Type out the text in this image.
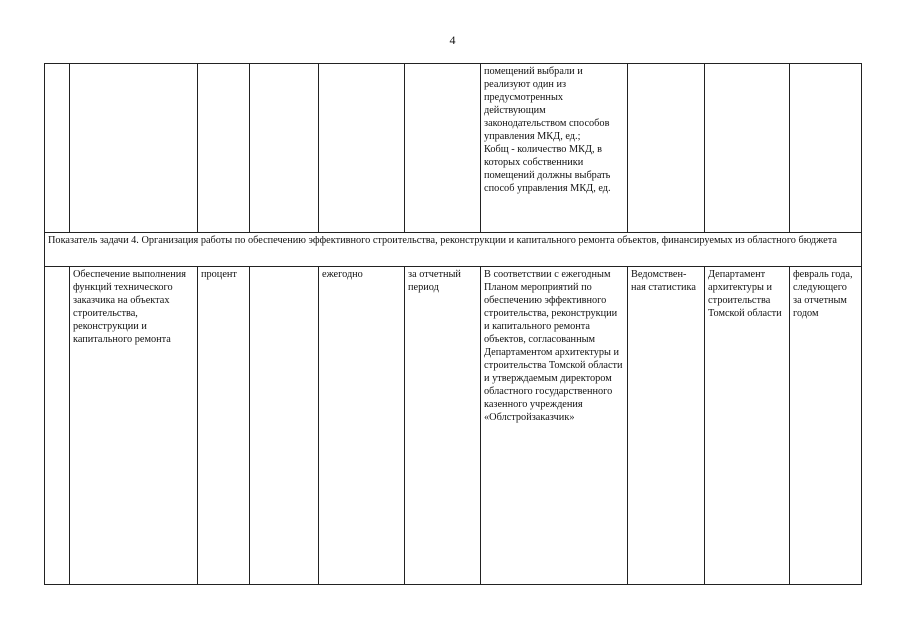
4
						помещений выбрали и реализуют один из предусмотренных действующим законодательством способов управления МКД, ед.;
Кобщ - количество МКД, в которых собственники помещений должны выбрать способ управления МКД, ед.			
Показатель задачи 4. Организация работы по обеспечению эффективного строительства, реконструкции и капитального ремонта объектов, финансируемых из областного бюджета									
	Обеспечение выполнения функций технического заказчика на объектах строительства, реконструкции и капитального ремонта	процент		ежегодно	за отчетный период	В соответствии с ежегодным Планом мероприятий по обеспечению эффективного строительства, реконструкции и капитального ремонта объектов, согласованным Департаментом архитектуры и строительства Томской области и утверждаемым директором областного государственного казенного учреждения «Облстройзаказчик»	Ведомствен-ная статистика	Департамент архитектуры и строительства Томской области	февраль года, следующего за отчетным годом
